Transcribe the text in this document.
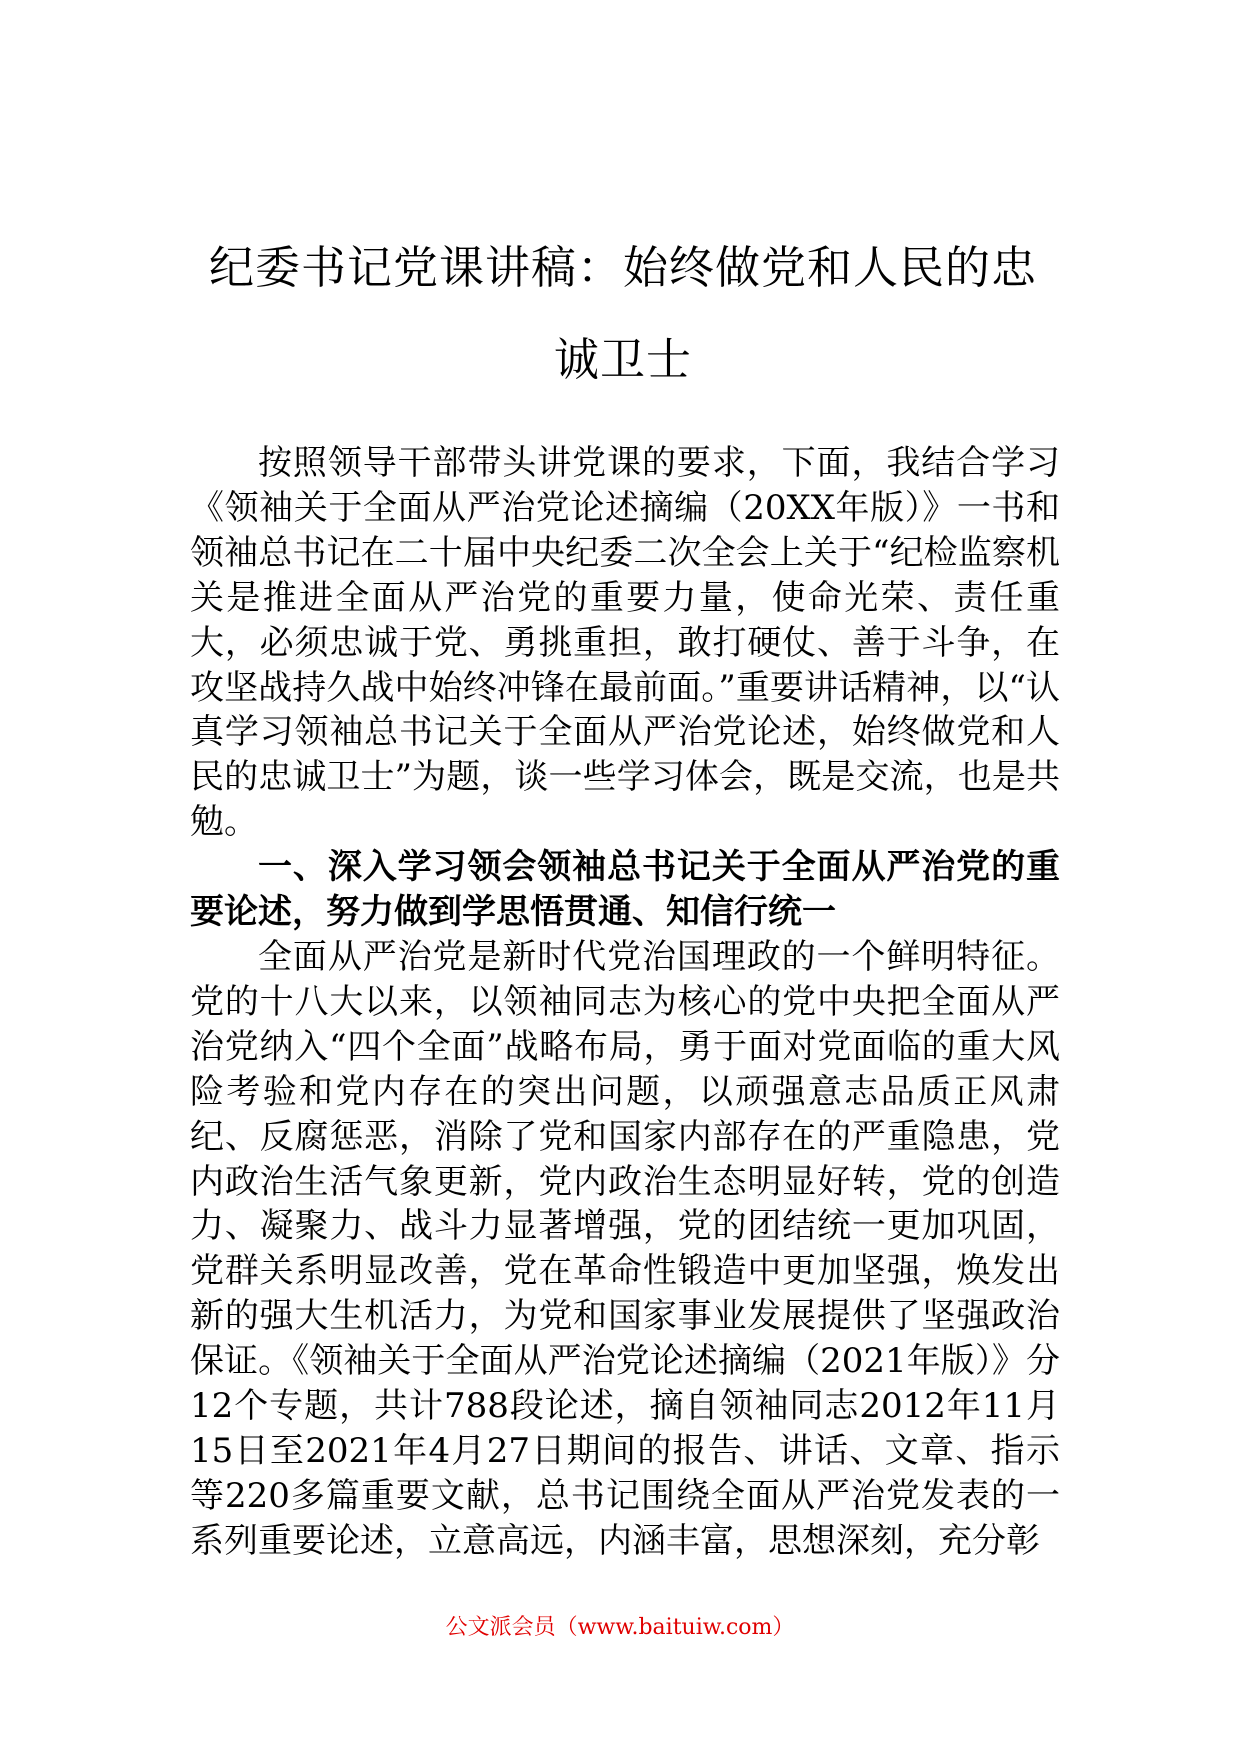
纪委书记党课讲稿：始终做党和人民的忠诚卫士

按照领导干部带头讲党课的要求，下面，我结合学习《领袖关于全面从严治党论述摘编（20XX年版）》一书和领袖总书记在二十届中央纪委二次全会上关于“纪检监察机关是推进全面从严治党的重要力量，使命光荣、责任重大，必须忠诚于党、勇挑重担，敢打硬仗、善于斗争，在攻坚战持久战中始终冲锋在最前面。”重要讲话精神，以“认真学习领袖总书记关于全面从严治党论述，始终做党和人民的忠诚卫士”为题，谈一些学习体会，既是交流，也是共勉。

一、深入学习领会领袖总书记关于全面从严治党的重要论述，努力做到学思悟贯通、知信行统一

全面从严治党是新时代党治国理政的一个鲜明特征。党的十八大以来，以领袖同志为核心的党中央把全面从严治党纳入“四个全面”战略布局，勇于面对党面临的重大风险考验和党内存在的突出问题，以顽强意志品质正风肃纪、反腐惩恶，消除了党和国家内部存在的严重隐患，党内政治生活气象更新，党内政治生态明显好转，党的创造力、凝聚力、战斗力显著增强，党的团结统一更加巩固，党群关系明显改善，党在革命性锻造中更加坚强，焕发出新的强大生机活力，为党和国家事业发展提供了坚强政治保证。《领袖关于全面从严治党论述摘编（2021年版）》分12个专题，共计788段论述，摘自领袖同志2012年11月15日至2021年4月27日期间的报告、讲话、文章、指示等220多篇重要文献，总书记围绕全面从严治党发表的一系列重要论述，立意高远，内涵丰富，思想深刻，充分彰

公文派会员（www.baituiw.com）
